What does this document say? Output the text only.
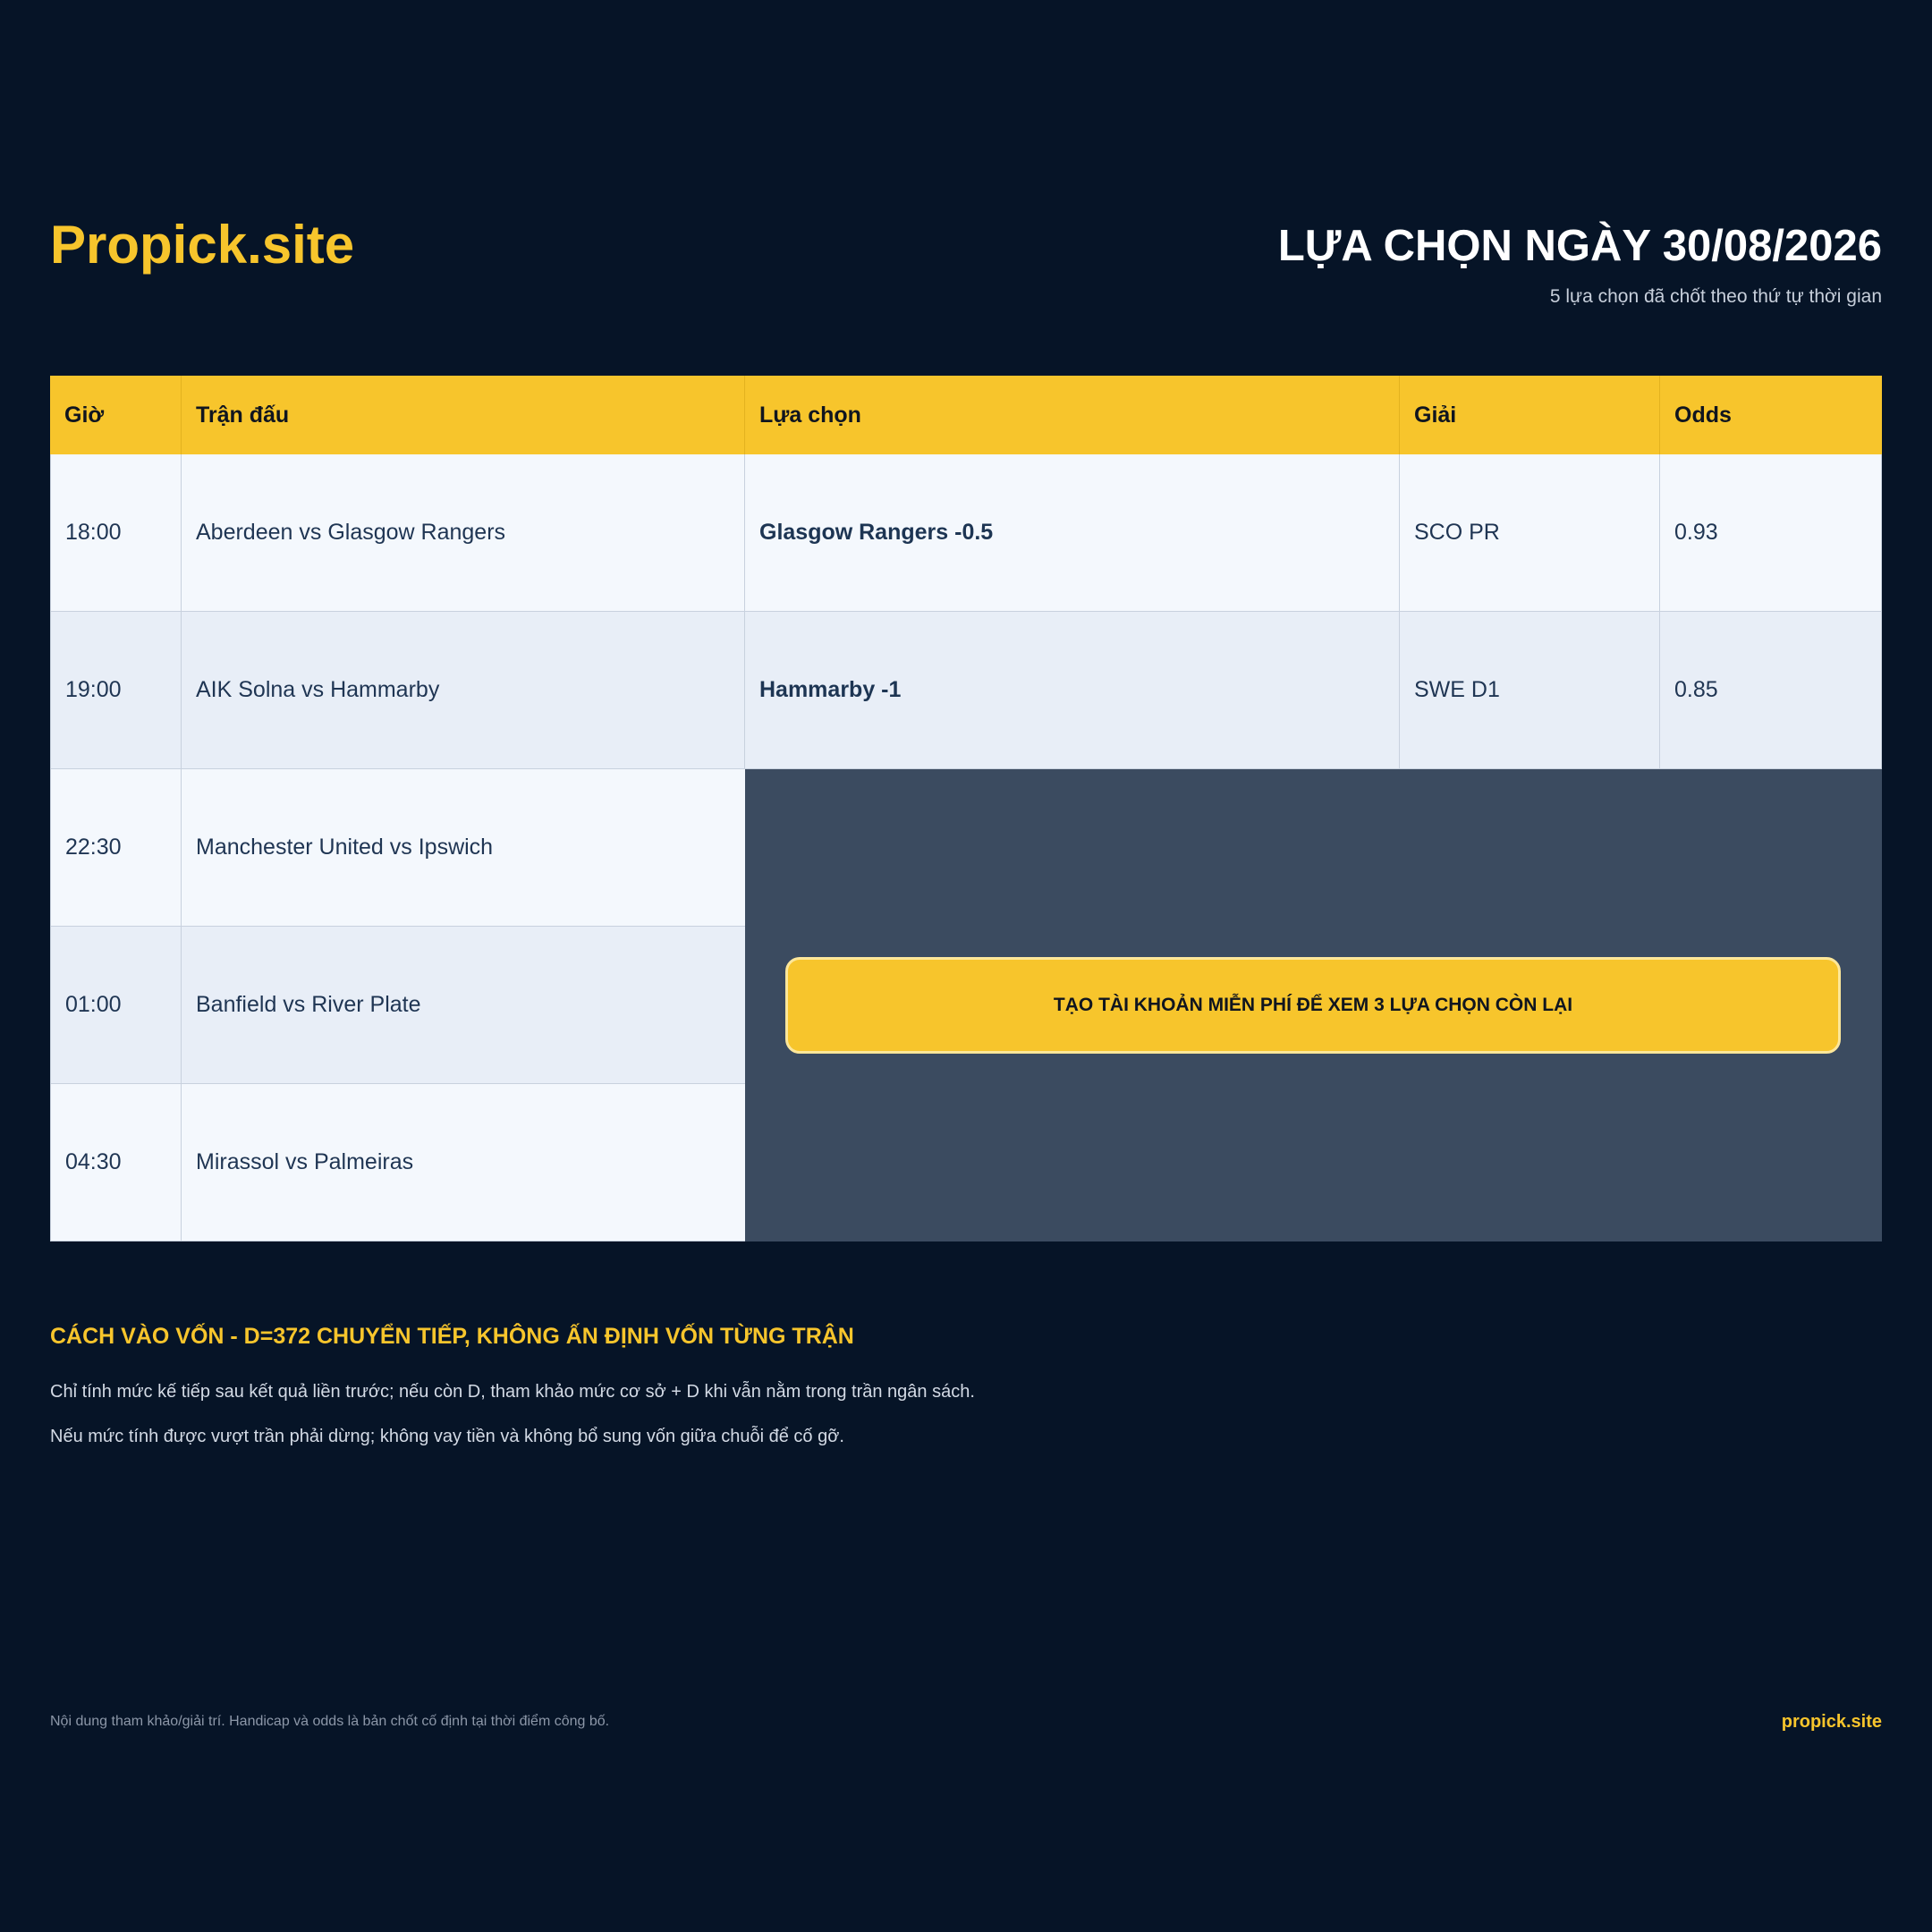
Propick.site	LỰA CHỌN NGÀY 30/08/2026
5 lựa chọn đã chốt theo thứ tự thời gian
Giờ	Trận đấu	Lựa chọn	Giải	Odds
18:00	Aberdeen vs Glasgow Rangers	Glasgow Rangers -0.5	SCO PR	0.93
19:00	AIK Solna vs Hammarby	Hammarby -1	SWE D1	0.85
22:30	Manchester United vs Ipswich
01:00	Banfield vs River Plate
04:30	Mirassol vs Palmeiras
TẠO TÀI KHOẢN MIỄN PHÍ ĐỂ XEM 3 LỰA CHỌN CÒN LẠI
CÁCH VÀO VỐN - D=372 CHUYỂN TIẾP, KHÔNG ẤN ĐỊNH VỐN TỪNG TRẬN
Chỉ tính mức kế tiếp sau kết quả liền trước; nếu còn D, tham khảo mức cơ sở + D khi vẫn nằm trong trần ngân sách.
Nếu mức tính được vượt trần phải dừng; không vay tiền và không bổ sung vốn giữa chuỗi để cố gỡ.
Nội dung tham khảo/giải trí. Handicap và odds là bản chốt cố định tại thời điểm công bố.	propick.site
